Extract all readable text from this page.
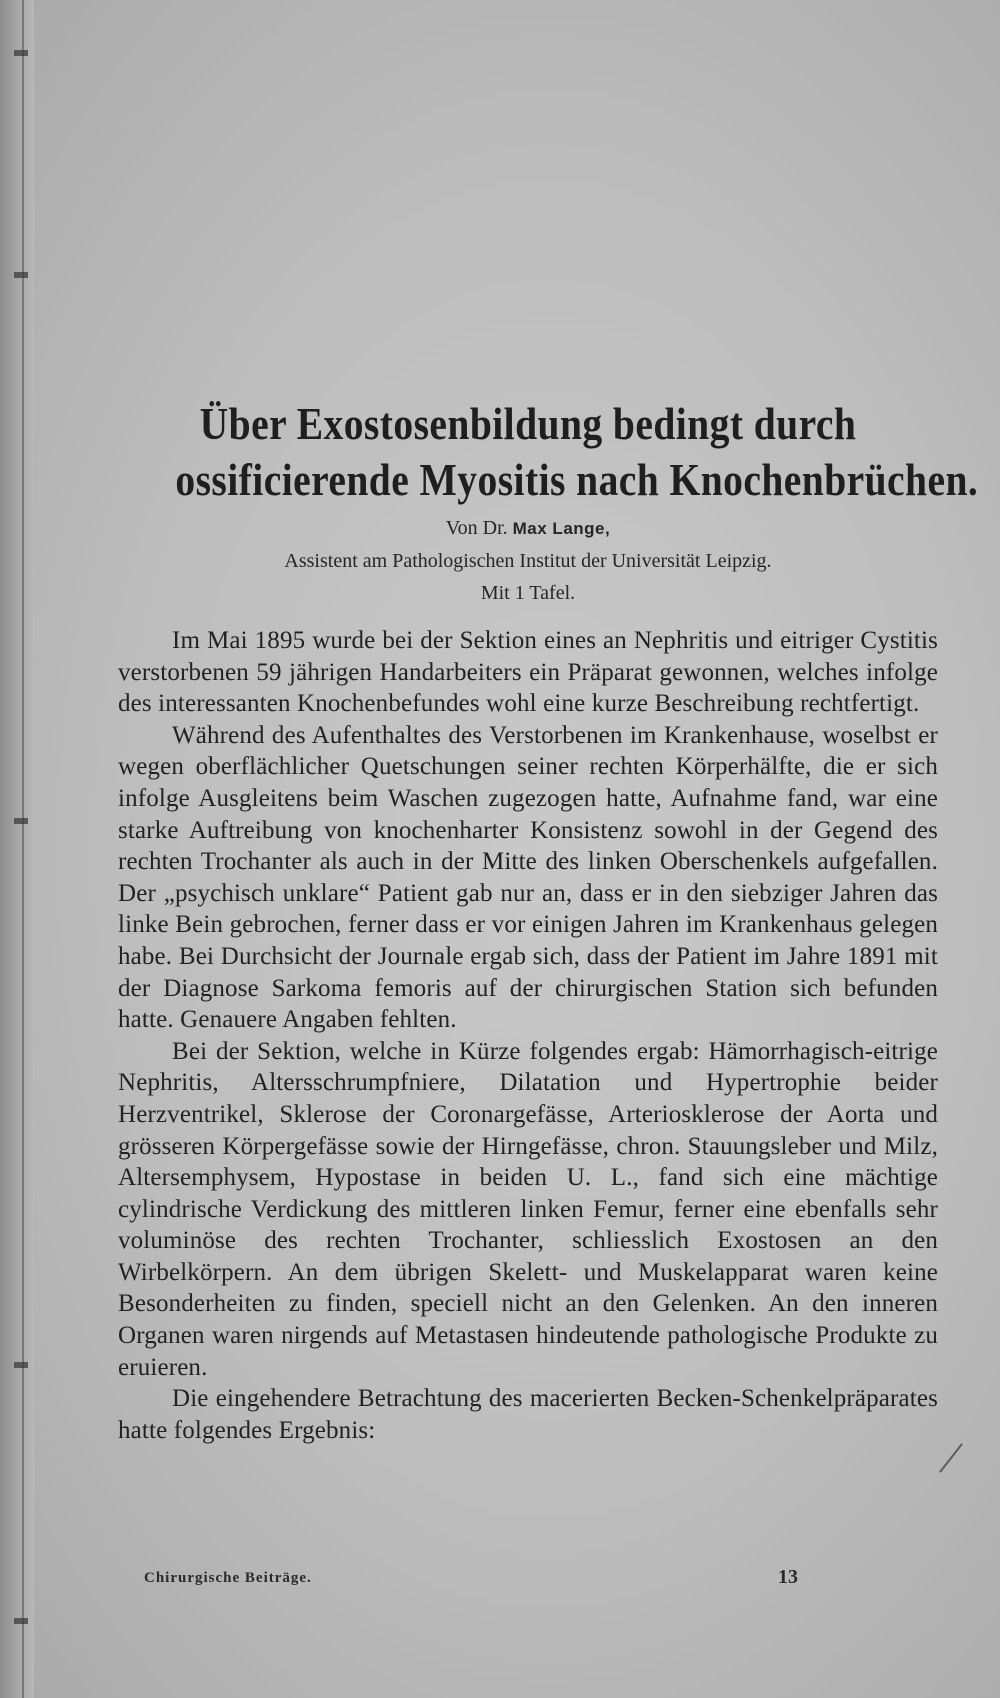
Über Exostosenbildung bedingt durch
ossificierende Myositis nach Knochenbrüchen.
Von Dr. Max Lange,
Assistent am Pathologischen Institut der Universität Leipzig.
Mit 1 Tafel.

Im Mai 1895 wurde bei der Sektion eines an Nephritis und eitriger Cystitis verstorbenen 59 jährigen Handarbeiters ein Präparat gewonnen, welches infolge des interessanten Knochenbefundes wohl eine kurze Beschreibung rechtfertigt.

Während des Aufenthaltes des Verstorbenen im Krankenhause, woselbst er wegen oberflächlicher Quetschungen seiner rechten Körperhälfte, die er sich infolge Ausgleitens beim Waschen zugezogen hatte, Aufnahme fand, war eine starke Auftreibung von knochenharter Konsistenz sowohl in der Gegend des rechten Trochanter als auch in der Mitte des linken Oberschenkels aufgefallen. Der „psychisch unklare“ Patient gab nur an, dass er in den siebziger Jahren das linke Bein gebrochen, ferner dass er vor einigen Jahren im Krankenhaus gelegen habe. Bei Durchsicht der Journale ergab sich, dass der Patient im Jahre 1891 mit der Diagnose Sarkoma femoris auf der chirurgischen Station sich befunden hatte. Genauere Angaben fehlten.

Bei der Sektion, welche in Kürze folgendes ergab: Hämorrhagisch-eitrige Nephritis, Altersschrumpfniere, Dilatation und Hypertrophie beider Herzventrikel, Sklerose der Coronargefässe, Arteriosklerose der Aorta und grösseren Körpergefässe sowie der Hirngefässe, chron. Stauungsleber und Milz, Altersemphysem, Hypostase in beiden U. L., fand sich eine mächtige cylindrische Verdickung des mittleren linken Femur, ferner eine ebenfalls sehr voluminöse des rechten Trochanter, schliesslich Exostosen an den Wirbelkörpern. An dem übrigen Skelett- und Muskelapparat waren keine Besonderheiten zu finden, speciell nicht an den Gelenken. An den inneren Organen waren nirgends auf Metastasen hindeutende pathologische Produkte zu eruieren.

Die eingehendere Betrachtung des macerierten Becken-Schenkelpräparates hatte folgendes Ergebnis:

Chirurgische Beiträge.	13
